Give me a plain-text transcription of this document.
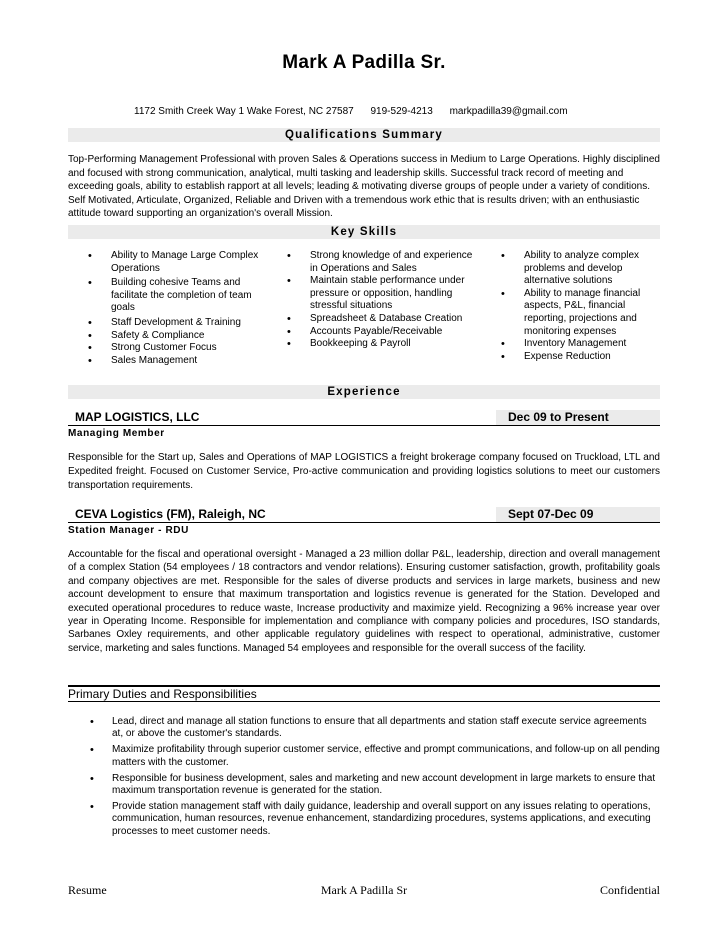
Mark A Padilla Sr.
1172 Smith Creek Way 1 Wake Forest, NC 27587 919-529-4213 markpadilla39@gmail.com
Qualifications Summary
Top-Performing Management Professional with proven Sales & Operations success in Medium to Large Operations. Highly disciplined and focused with strong communication, analytical, multi tasking and leadership skills. Successful track record of meeting and exceeding goals, ability to establish rapport at all levels; leading & motivating diverse groups of people under a variety of conditions. Self Motivated, Articulate, Organized, Reliable and Driven with a tremendous work ethic that is results driven; with an enthusiastic attitude toward supporting an organization's overall Mission.
Key Skills
• Ability to Manage Large Complex Operations
• Building cohesive Teams and facilitate the completion of team goals
• Staff Development & Training
• Safety & Compliance
• Strong Customer Focus
• Sales Management
• Strong knowledge of and experience in Operations and Sales
• Maintain stable performance under pressure or opposition, handling stressful situations
• Spreadsheet & Database Creation
• Accounts Payable/Receivable
• Bookkeeping & Payroll
• Ability to analyze complex problems and develop alternative solutions
• Ability to manage financial aspects, P&L, financial reporting, projections and monitoring expenses
• Inventory Management
• Expense Reduction
Experience
MAP LOGISTICS, LLC	Dec 09 to Present
Managing Member
Responsible for the Start up, Sales and Operations of MAP LOGISTICS a freight brokerage company focused on Truckload, LTL and Expedited freight. Focused on Customer Service, Pro-active communication and providing logistics solutions to meet our customers transportation requirements.
CEVA Logistics (FM), Raleigh, NC	Sept 07-Dec 09
Station Manager - RDU
Accountable for the fiscal and operational oversight - Managed a 23 million dollar P&L, leadership, direction and overall management of a complex Station (54 employees / 18 contractors and vendor relations). Ensuring customer satisfaction, growth, profitability goals and company objectives are met. Responsible for the sales of diverse products and services in large markets, business and new account development to ensure that maximum transportation and logistics revenue is generated for the Station. Developed and executed operational procedures to reduce waste, Increase productivity and maximize yield. Recognizing a 96% increase year over year in Operating Income. Responsible for implementation and compliance with company policies and procedures, ISO standards, Sarbanes Oxley requirements, and other applicable regulatory guidelines with respect to operational, administrative, customer service, marketing and sales functions. Managed 54 employees and responsible for the overall success of the facility.
Primary Duties and Responsibilities
• Lead, direct and manage all station functions to ensure that all departments and station staff execute service agreements at, or above the customer's standards.
• Maximize profitability through superior customer service, effective and prompt communications, and follow-up on all pending matters with the customer.
• Responsible for business development, sales and marketing and new account development in large markets to ensure that maximum transportation revenue is generated for the station.
• Provide station management staff with daily guidance, leadership and overall support on any issues relating to operations, communication, human resources, revenue enhancement, standardizing procedures, systems applications, and executing processes to meet customer needs.
Resume	Mark A Padilla Sr	Confidential
